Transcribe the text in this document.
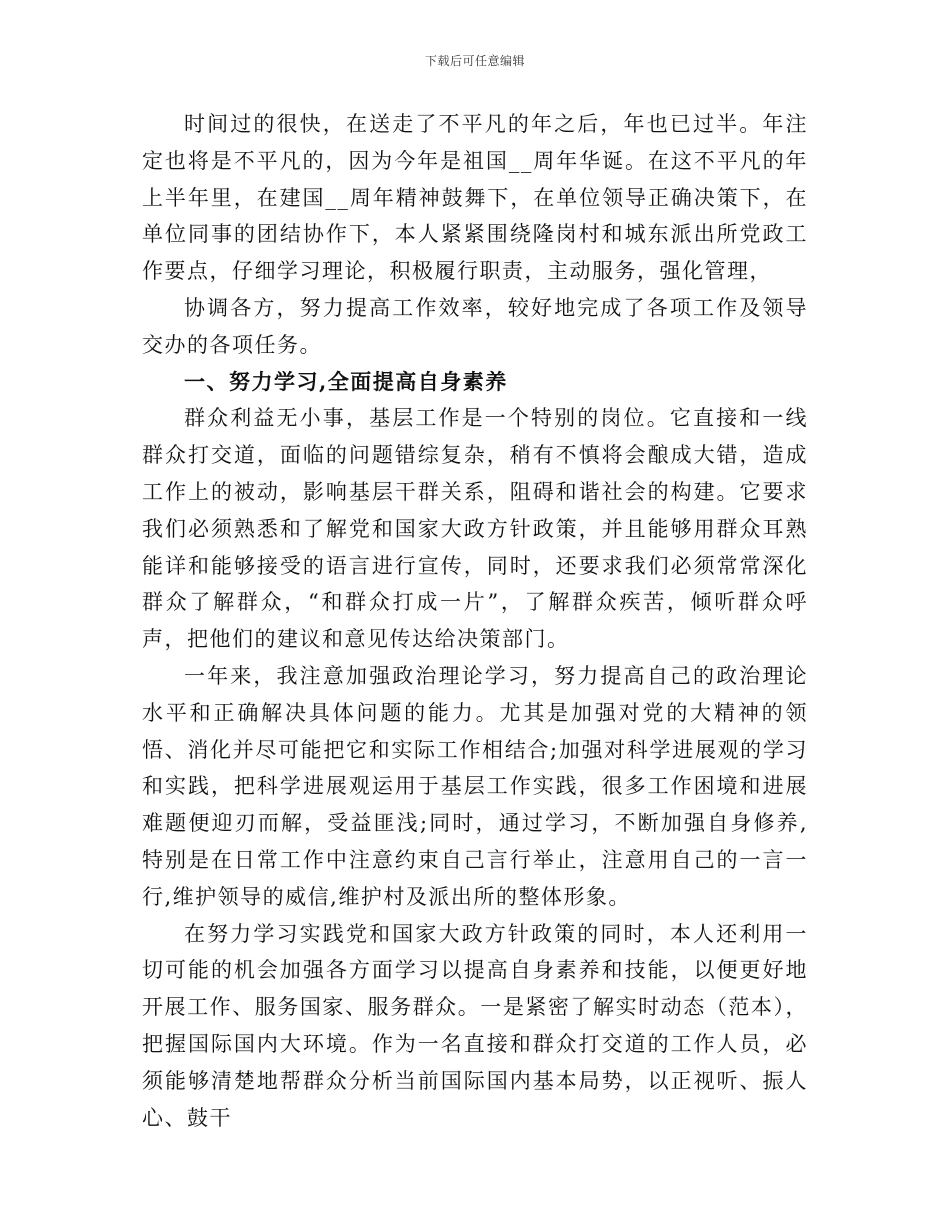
下载后可任意编辑

时间过的很快，在送走了不平凡的年之后，年也已过半。年注定也将是不平凡的，因为今年是祖国__周年华诞。在这不平凡的年上半年里，在建国__周年精神鼓舞下，在单位领导正确决策下，在单位同事的团结协作下，本人紧紧围绕隆岗村和城东派出所党政工作要点，仔细学习理论，积极履行职责，主动服务，强化管理，

协调各方，努力提高工作效率，较好地完成了各项工作及领导交办的各项任务。

一、努力学习,全面提高自身素养

群众利益无小事，基层工作是一个特别的岗位。它直接和一线群众打交道，面临的问题错综复杂，稍有不慎将会酿成大错，造成工作上的被动，影响基层干群关系，阻碍和谐社会的构建。它要求我们必须熟悉和了解党和国家大政方针政策，并且能够用群众耳熟能详和能够接受的语言进行宣传，同时，还要求我们必须常常深化群众了解群众，“和群众打成一片”，了解群众疾苦，倾听群众呼声，把他们的建议和意见传达给决策部门。

一年来，我注意加强政治理论学习，努力提高自己的政治理论水平和正确解决具体问题的能力。尤其是加强对党的大精神的领悟、消化并尽可能把它和实际工作相结合;加强对科学进展观的学习和实践，把科学进展观运用于基层工作实践，很多工作困境和进展难题便迎刃而解，受益匪浅;同时，通过学习，不断加强自身修养,特别是在日常工作中注意约束自己言行举止，注意用自己的一言一行,维护领导的威信,维护村及派出所的整体形象。

在努力学习实践党和国家大政方针政策的同时，本人还利用一切可能的机会加强各方面学习以提高自身素养和技能，以便更好地开展工作、服务国家、服务群众。一是紧密了解实时动态（范本），把握国际国内大环境。作为一名直接和群众打交道的工作人员，必须能够清楚地帮群众分析当前国际国内基本局势，以正视听、振人心、鼓干
